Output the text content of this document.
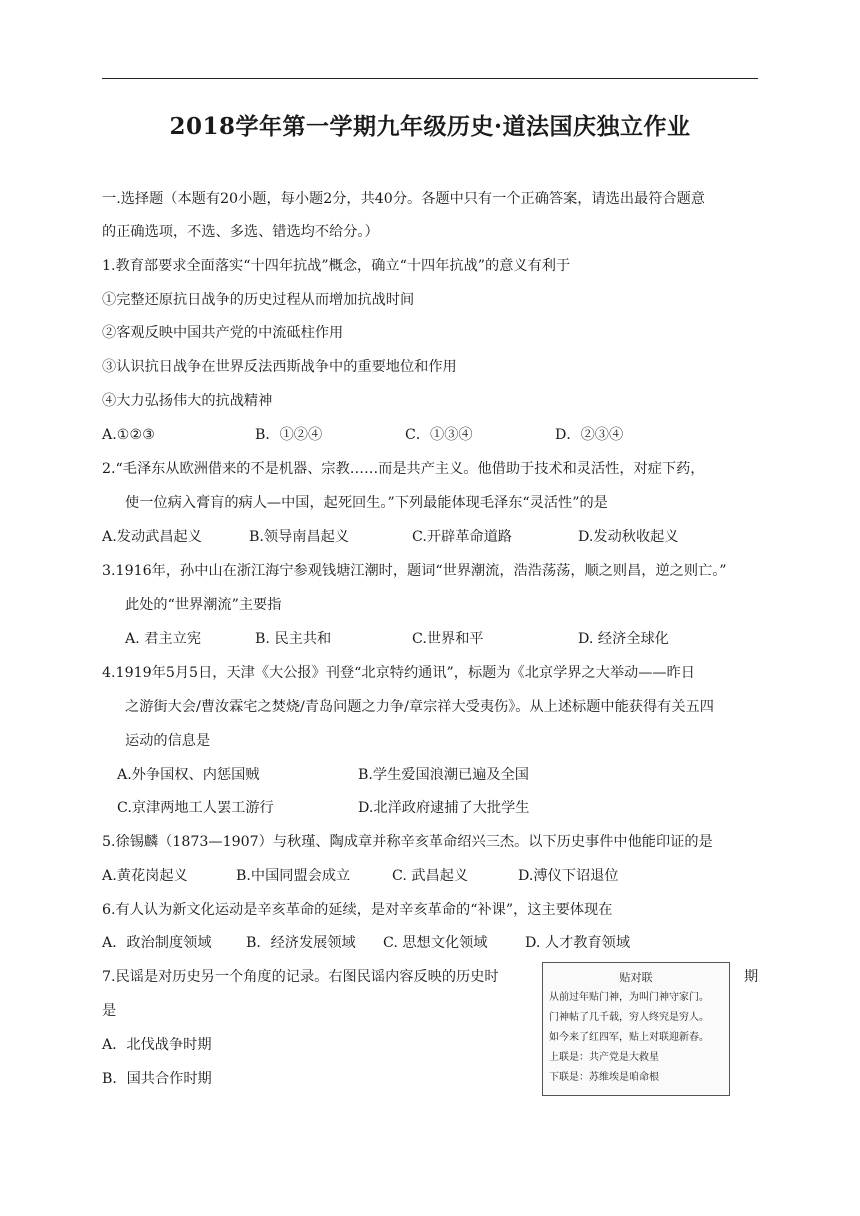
2018学年第一学期九年级历史·道法国庆独立作业
一.选择题（本题有20小题，每小题2分，共40分。各题中只有一个正确答案，请选出最符合题意
的正确选项，不选、多选、错选均不给分。）
1.教育部要求全面落实“十四年抗战”概念，确立“十四年抗战”的意义有利于
①完整还原抗日战争的历史过程从而增加抗战时间
②客观反映中国共产党的中流砥柱作用
③认识抗日战争在世界反法西斯战争中的重要地位和作用
④大力弘扬伟大的抗战精神
A.①②③	B．①②④	C．①③④	D．②③④
2.“毛泽东从欧洲借来的不是机器、宗教……而是共产主义。他借助于技术和灵活性，对症下药，
使一位病入膏肓的病人—中国，起死回生。”下列最能体现毛泽东“灵活性”的是
A.发动武昌起义	B.领导南昌起义	C.开辟革命道路	D.发动秋收起义
3.1916年，孙中山在浙江海宁参观钱塘江潮时，题词“世界潮流，浩浩荡荡，顺之则昌，逆之则亡。”
此处的“世界潮流”主要指
A. 君主立宪	B. 民主共和	C.世界和平	D. 经济全球化
4.1919年5月5日，天津《大公报》刊登“北京特约通讯”，标题为《北京学界之大举动——昨日
之游街大会/曹汝霖宅之焚烧/青岛问题之力争/章宗祥大受夷伤》。从上述标题中能获得有关五四
运动的信息是
A.外争国权、内惩国贼	B.学生爱国浪潮已遍及全国
C.京津两地工人罢工游行	D.北洋政府逮捕了大批学生
5.徐锡麟（1873—1907）与秋瑾、陶成章并称辛亥革命绍兴三杰。以下历史事件中他能印证的是
A.黄花岗起义	B.中国同盟会成立	C. 武昌起义	D.溥仪下诏退位
6.有人认为新文化运动是辛亥革命的延续，是对辛亥革命的“补课”，这主要体现在
A．政治制度领域 B．经济发展领域 C. 思想文化领域	D. 人才教育领域
7.民谣是对历史另一个角度的记录。右图民谣内容反映的历史时	期
是
A．北伐战争时期
B．国共合作时期
贴对联
从前过年贴门神，为叫门神守家门。
门神帖了几千载，穷人终究是穷人。
如今来了红四军，贴上对联迎新春。
上联是：共产党是大救星
下联是：苏维埃是咱命根
